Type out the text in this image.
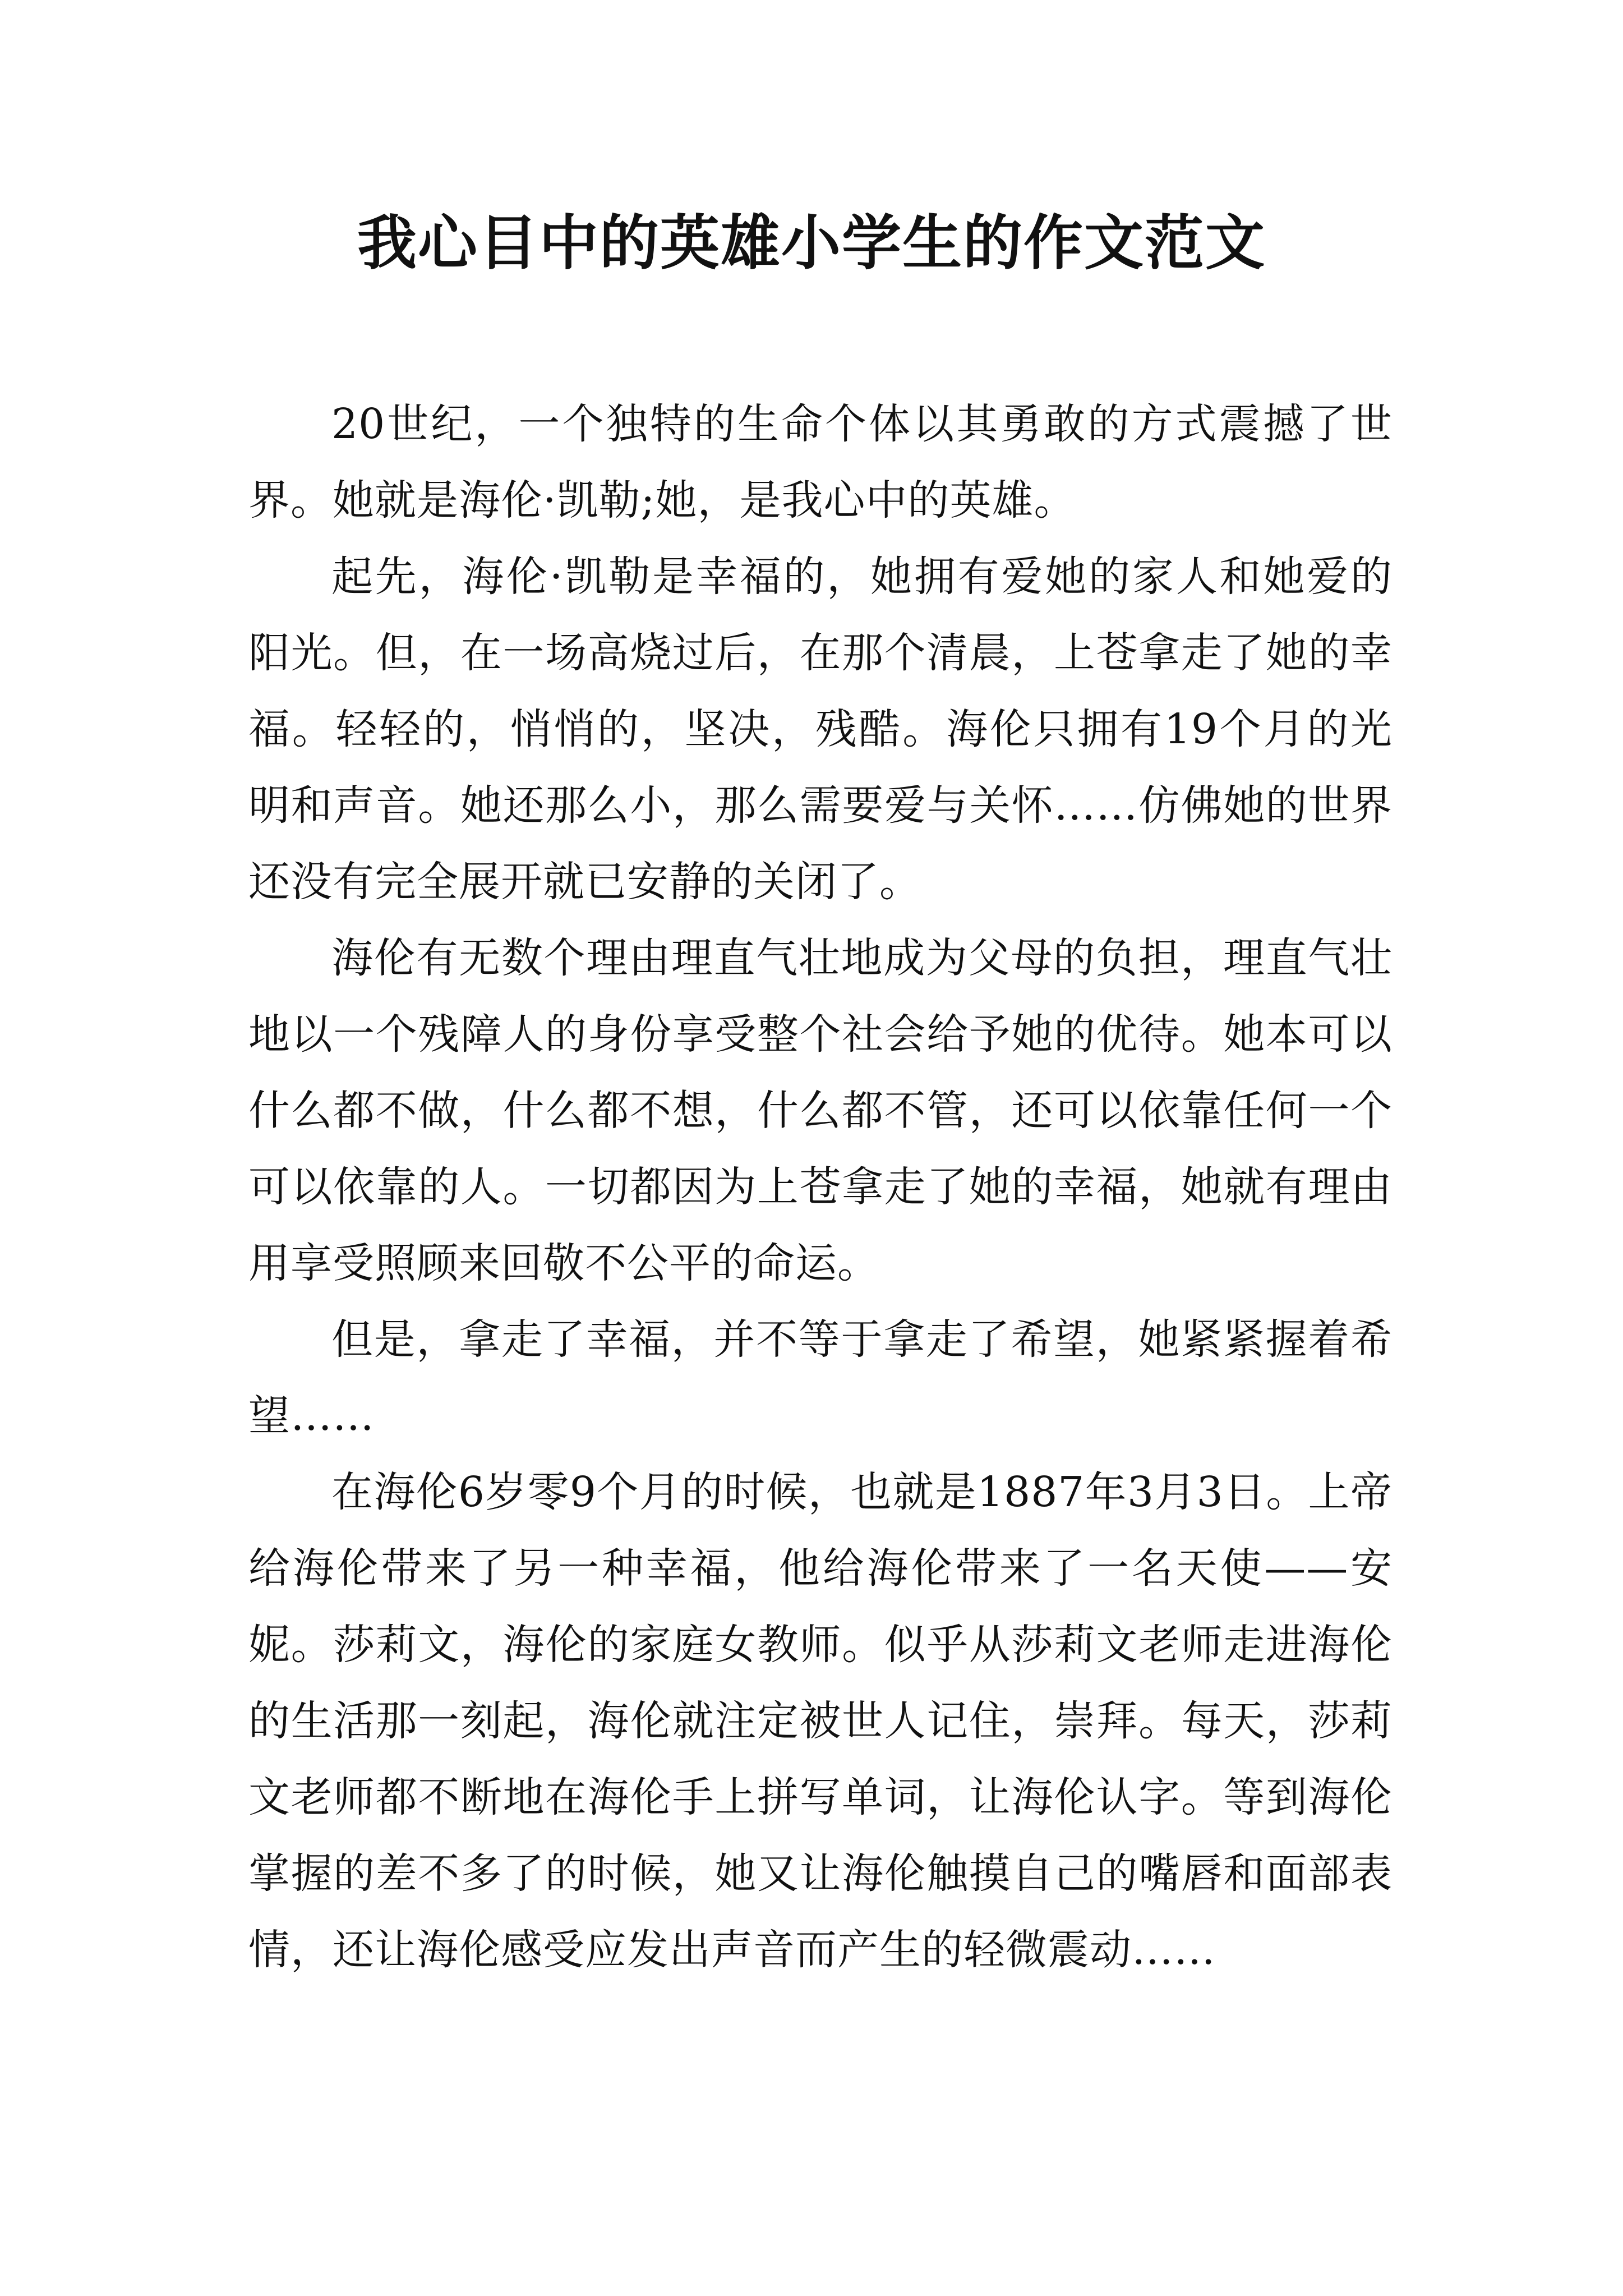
我心目中的英雄小学生的作文范文

20世纪，一个独特的生命个体以其勇敢的方式震撼了世界。她就是海伦·凯勒;她，是我心中的英雄。

起先，海伦·凯勒是幸福的，她拥有爱她的家人和她爱的阳光。但，在一场高烧过后，在那个清晨，上苍拿走了她的幸福。轻轻的，悄悄的，坚决，残酷。海伦只拥有19个月的光明和声音。她还那么小，那么需要爱与关怀……仿佛她的世界还没有完全展开就已安静的关闭了。

海伦有无数个理由理直气壮地成为父母的负担，理直气壮地以一个残障人的身份享受整个社会给予她的优待。她本可以什么都不做，什么都不想，什么都不管，还可以依靠任何一个可以依靠的人。一切都因为上苍拿走了她的幸福，她就有理由用享受照顾来回敬不公平的命运。

但是，拿走了幸福，并不等于拿走了希望，她紧紧握着希望……

在海伦6岁零9个月的时候，也就是1887年3月3日。上帝给海伦带来了另一种幸福，他给海伦带来了一名天使——安妮。莎莉文，海伦的家庭女教师。似乎从莎莉文老师走进海伦的生活那一刻起，海伦就注定被世人记住，崇拜。每天，莎莉文老师都不断地在海伦手上拼写单词，让海伦认字。等到海伦掌握的差不多了的时候，她又让海伦触摸自己的嘴唇和面部表情，还让海伦感受应发出声音而产生的轻微震动……
